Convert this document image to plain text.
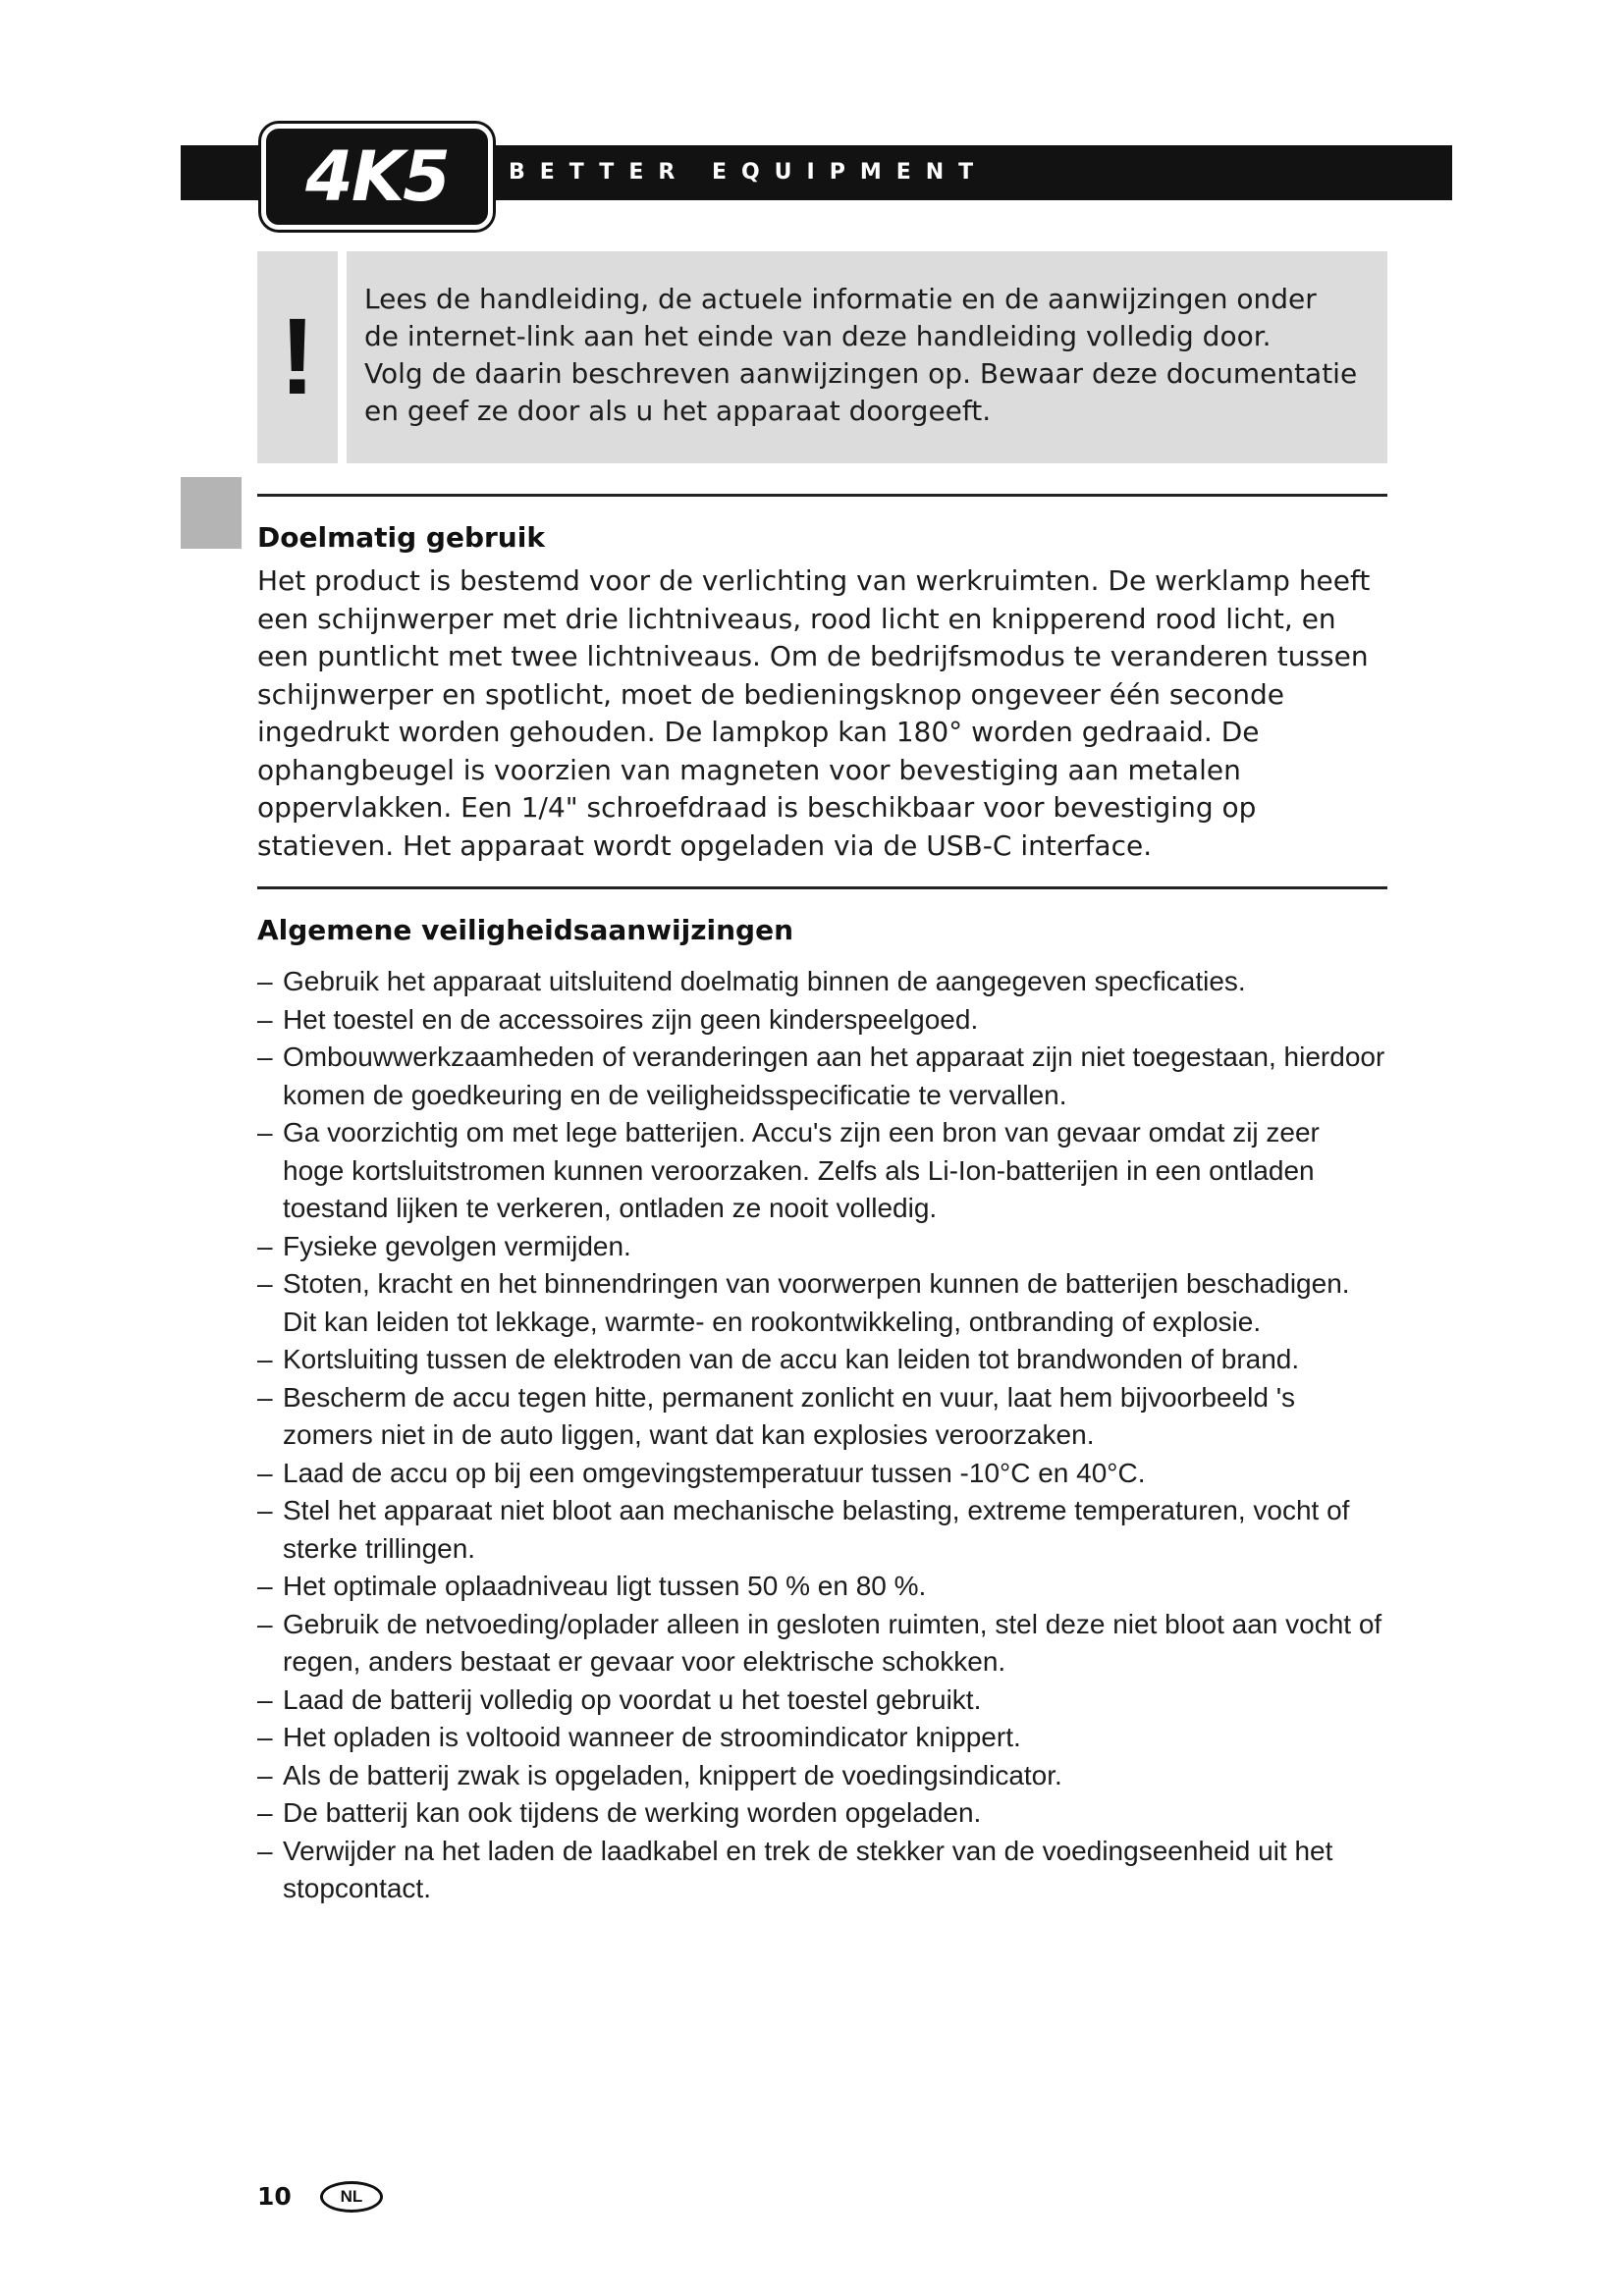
4K5	BETTER EQUIPMENT
! Lees de handleiding, de actuele informatie en de aanwijzingen onder

de internet-link aan het einde van deze handleiding volledig door.

Volg de daarin beschreven aanwijzingen op. Bewaar deze documentatie

en geef ze door als u het apparaat doorgeeft.

Doelmatig gebruik

Het product is bestemd voor de verlichting van werkruimten. De werklamp heeft een schijnwerper met drie lichtniveaus, rood licht en knipperend rood licht, en een puntlicht met twee lichtniveaus. Om de bedrijfsmodus te veranderen tussen schijnwerper en spotlicht, moet de bedieningsknop ongeveer één seconde ingedrukt worden gehouden. De lampkop kan 180° worden gedraaid. De ophangbeugel is voorzien van magneten voor bevestiging aan metalen oppervlakken. Een 1/4" schroefdraad is beschikbaar voor bevestiging op statieven. Het apparaat wordt opgeladen via de USB-C interface.

Algemene veiligheidsaanwijzingen
– Gebruik het apparaat uitsluitend doelmatig binnen de aangegeven specficaties.
– Het toestel en de accessoires zijn geen kinderspeelgoed.
– Ombouwwerkzaamheden of veranderingen aan het apparaat zijn niet toegestaan, hierdoor komen de goedkeuring en de veiligheidsspecificatie te vervallen.
– Ga voorzichtig om met lege batterijen. Accu's zijn een bron van gevaar omdat zij zeer hoge kortsluitstromen kunnen veroorzaken. Zelfs als Li-Ion-batterijen in een ontladen toestand lijken te verkeren, ontladen ze nooit volledig.
– Fysieke gevolgen vermijden.
– Stoten, kracht en het binnendringen van voorwerpen kunnen de batterijen beschadigen. Dit kan leiden tot lekkage, warmte- en rookontwikkeling, ontbranding of explosie.
– Kortsluiting tussen de elektroden van de accu kan leiden tot brandwonden of brand.
– Bescherm de accu tegen hitte, permanent zonlicht en vuur, laat hem bijvoorbeeld 's zomers niet in de auto liggen, want dat kan explosies veroorzaken.
– Laad de accu op bij een omgevingstemperatuur tussen -10°C en 40°C.
– Stel het apparaat niet bloot aan mechanische belasting, extreme temperaturen, vocht of sterke trillingen.
– Het optimale oplaadniveau ligt tussen 50 % en 80 %.
– Gebruik de netvoeding/oplader alleen in gesloten ruimten, stel deze niet bloot aan vocht of regen, anders bestaat er gevaar voor elektrische schokken.
– Laad de batterij volledig op voordat u het toestel gebruikt.
– Het opladen is voltooid wanneer de stroomindicator knippert.
– Als de batterij zwak is opgeladen, knippert de voedingsindicator.
– De batterij kan ook tijdens de werking worden opgeladen.
– Verwijder na het laden de laadkabel en trek de stekker van de voedingseenheid uit het stopcontact.

10	NL
